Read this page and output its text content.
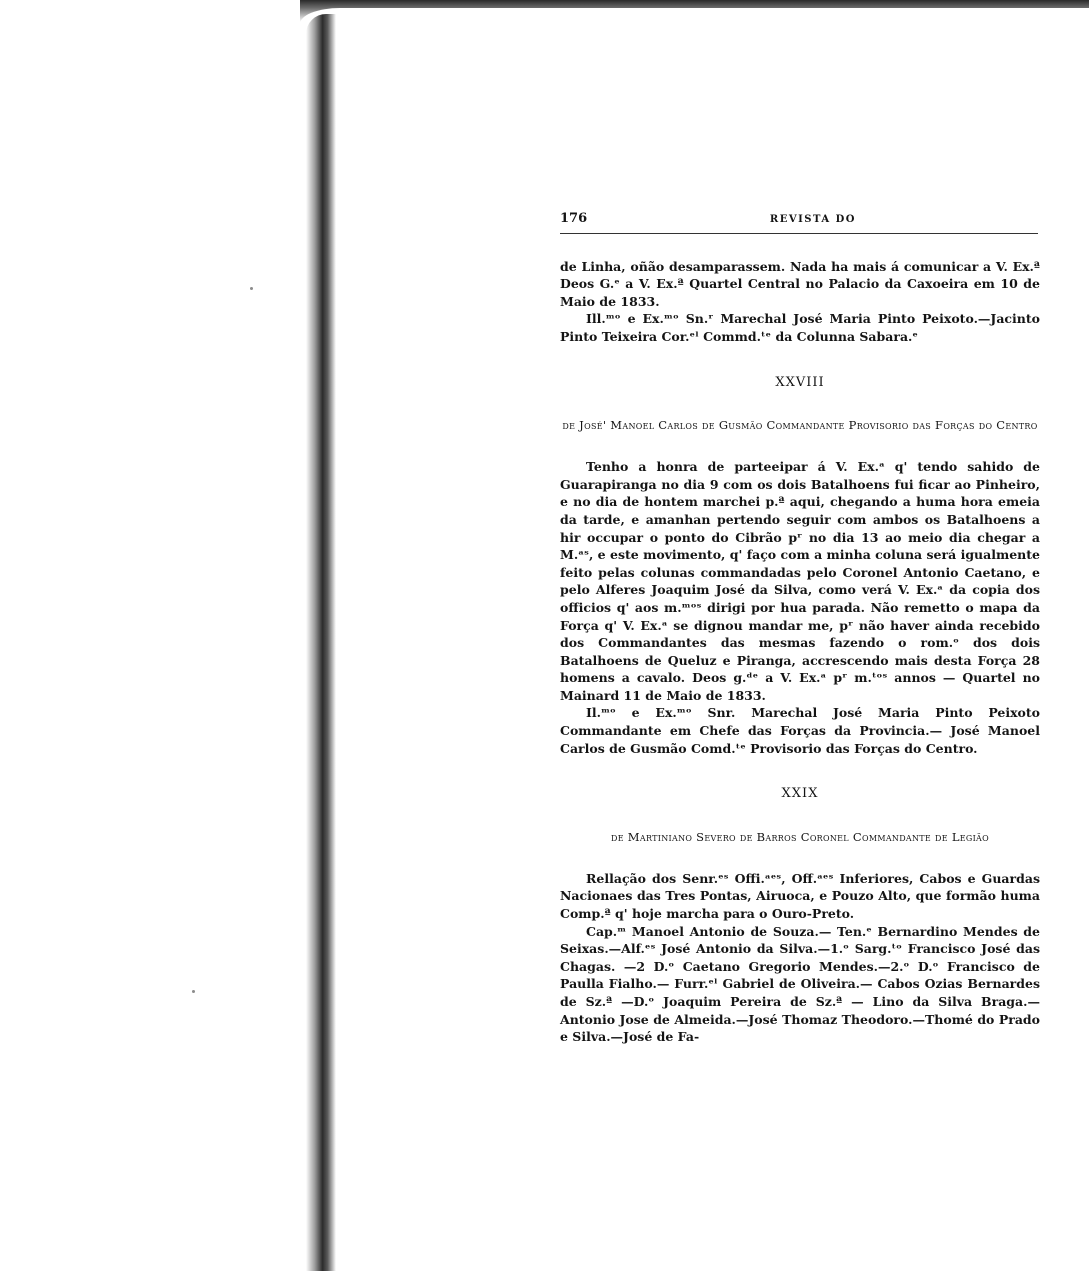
176	REVISTA DO

de Linha, oñão desamparassem. Nada ha mais á comunicar a V. Ex.ª Deos G.ᵉ a V. Ex.ª Quartel Central no Palacio da Caxoeira em 10 de Maio de 1833.

Ill.ᵐᵒ e Ex.ᵐᵒ Sn.ʳ Marechal José Maria Pinto Peixoto.—Jacinto Pinto Teixeira Cor.ᵉˡ Commd.ᵗᵉ da Colunna Sabara.ᵉ

XXVIII
de José' Manoel Carlos de Gusmão Commandante Provisorio das Forças do Centro

Tenho a honra de parteeipar á V. Ex.ᵃ q' tendo sahido de Guarapiranga no dia 9 com os dois Batalhoens fui ficar ao Pinheiro, e no dia de hontem marchei p.ª aqui, chegando a huma hora emeia da tarde, e amanhan pertendo seguir com ambos os Batalhoens a hir occupar o ponto do Cibrão pʳ no dia 13 ao meio dia chegar a M.ᵃˢ, e este movimento, q' faço com a minha coluna será igualmente feito pelas colunas commandadas pelo Coronel Antonio Caetano, e pelo Alferes Joaquim José da Silva, como verá V. Ex.ᵃ da copia dos officios q' aos m.ᵐᵒˢ dirigi por hua parada. Não remetto o mapa da Força q' V. Ex.ᵃ se dignou mandar me, pʳ não haver ainda recebido dos Commandantes das mesmas fazendo o rom.ᵒ dos dois Batalhoens de Queluz e Piranga, accrescendo mais desta Força 28 homens a cavalo. Deos g.ᵈᵉ a V. Ex.ᵃ pʳ m.ᵗᵒˢ annos — Quartel no Mainard 11 de Maio de 1833.

Il.ᵐᵒ e Ex.ᵐᵒ Snr. Marechal José Maria Pinto Peixoto Commandante em Chefe das Forças da Provincia.— José Manoel Carlos de Gusmão Comd.ᵗᵉ Provisorio das Forças do Centro.

XXIX
de Martiniano Severo de Barros Coronel Commandante de Legião

Rellação dos Senr.ᵉˢ Offi.ᵃᵉˢ, Off.ᵃᵉˢ Inferiores, Cabos e Guardas Nacionaes das Tres Pontas, Airuoca, e Pouzo Alto, que formão huma Comp.ª q' hoje marcha para o Ouro-Preto.

Cap.ᵐ Manoel Antonio de Souza.— Ten.ᵉ Bernardino Mendes de Seixas.—Alf.ᵉˢ José Antonio da Silva.—1.ᵒ Sarg.ᵗᵒ Francisco José das Chagas. —2 D.ᵒ Caetano Gregorio Mendes.—2.ᵒ D.ᵒ Francisco de Paulla Fialho.— Furr.ᵉˡ Gabriel de Oliveira.— Cabos Ozias Bernardes de Sz.ª —D.ᵒ Joaquim Pereira de Sz.ª — Lino da Silva Braga.— Antonio Jose de Almeida.—José Thomaz Theodoro.—Thomé do Prado e Silva.—José de Fa-
